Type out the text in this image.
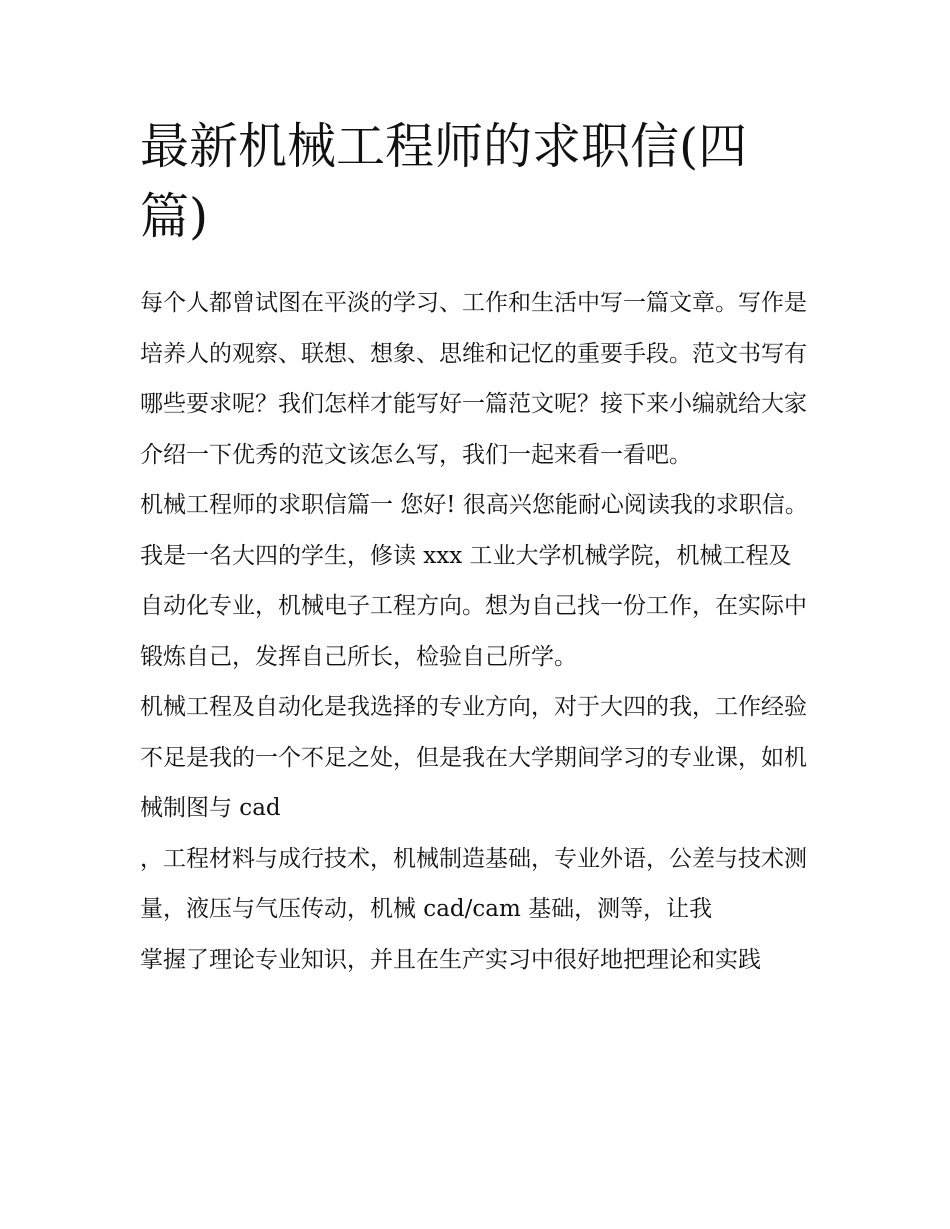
最新机械工程师的求职信(四篇)

每个人都曾试图在平淡的学习、工作和生活中写一篇文章。写作是培养人的观察、联想、想象、思维和记忆的重要手段。范文书写有哪些要求呢？我们怎样才能写好一篇范文呢？接下来小编就给大家介绍一下优秀的范文该怎么写，我们一起来看一看吧。

机械工程师的求职信篇一 您好! 很高兴您能耐心阅读我的求职信。

我是一名大四的学生，修读 xxx 工业大学机械学院，机械工程及自动化专业，机械电子工程方向。想为自己找一份工作，在实际中锻炼自己，发挥自己所长，检验自己所学。

机械工程及自动化是我选择的专业方向，对于大四的我，工作经验不足是我的一个不足之处，但是我在大学期间学习的专业课，如机械制图与 cad

，工程材料与成行技术，机械制造基础，专业外语，公差与技术测量，液压与气压传动，机械 cad/cam 基础，测等，让我

掌握了理论专业知识，并且在生产实习中很好地把理论和实践
